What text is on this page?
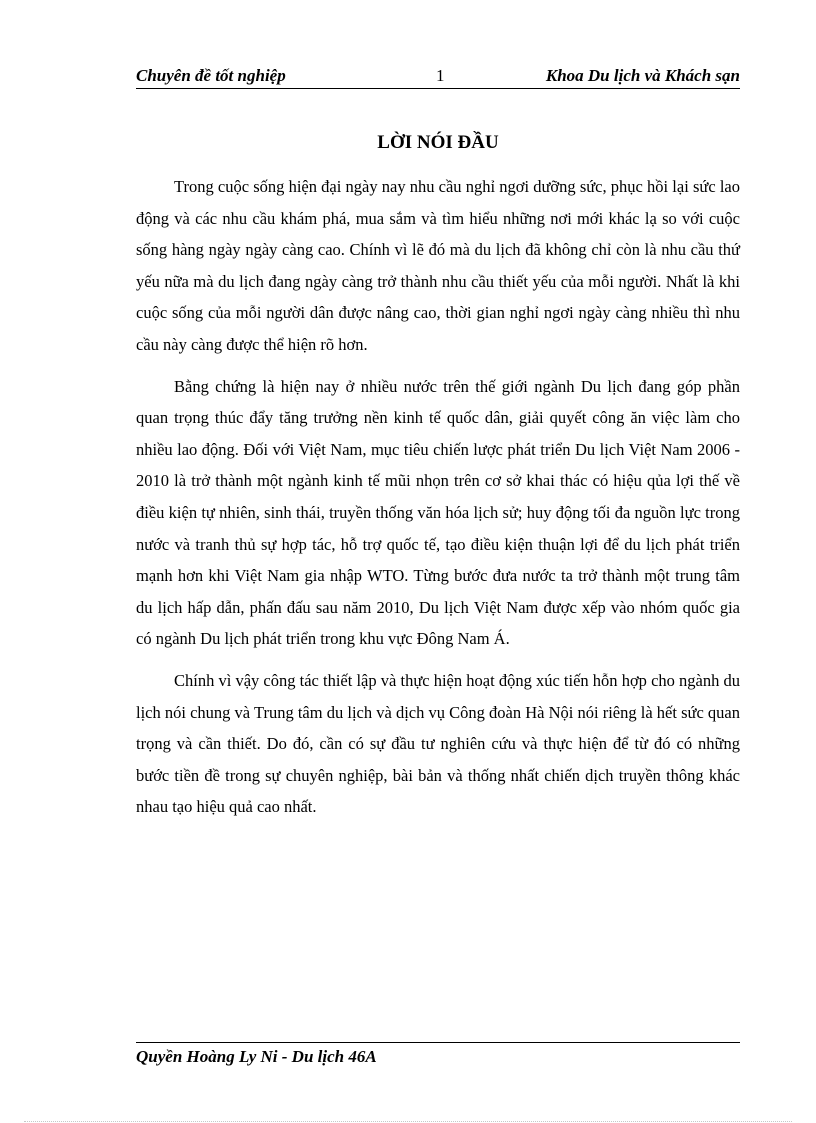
Chuyên đề tốt nghiệp	1	Khoa Du lịch và Khách sạn
LỜI NÓI ĐẦU

Trong cuộc sống hiện đại ngày nay nhu cầu nghỉ ngơi dưỡng sức, phục hồi lại sức lao động và các nhu cầu khám phá, mua sắm và tìm hiểu những nơi mới khác lạ so với cuộc sống hàng ngày ngày càng cao. Chính vì lẽ đó mà du lịch đã không chỉ còn là nhu cầu thứ yếu nữa mà du lịch đang ngày càng trở thành nhu cầu thiết yếu của mỗi người. Nhất là khi cuộc sống của mỗi người dân được nâng cao, thời gian nghỉ ngơi ngày càng nhiều thì nhu cầu này càng được thể hiện rõ hơn.

Bằng chứng là hiện nay ở nhiều nước trên thế giới ngành Du lịch đang góp phần quan trọng thúc đẩy tăng trưởng nền kinh tế quốc dân, giải quyết công ăn việc làm cho nhiều lao động. Đối với Việt Nam, mục tiêu chiến lược phát triển Du lịch Việt Nam 2006 - 2010 là trở thành một ngành kinh tế mũi nhọn trên cơ sở khai thác có hiệu qủa lợi thế về điều kiện tự nhiên, sinh thái, truyền thống văn hóa lịch sử; huy động tối đa nguồn lực trong nước và tranh thủ sự hợp tác, hỗ trợ quốc tế, tạo điều kiện thuận lợi để du lịch phát triển mạnh hơn khi Việt Nam gia nhập WTO. Từng bước đưa nước ta trở thành một trung tâm du lịch hấp dẫn, phấn đấu sau năm 2010, Du lịch Việt Nam được xếp vào nhóm quốc gia có ngành Du lịch phát triển trong khu vực Đông Nam Á.

Chính vì vậy công tác thiết lập và thực hiện hoạt động xúc tiến hỗn hợp cho ngành du lịch nói chung và Trung tâm du lịch và dịch vụ Công đoàn Hà Nội nói riêng là hết sức quan trọng và cần thiết. Do đó, cần có sự đầu tư nghiên cứu và thực hiện để từ đó có những bước tiền đề trong sự chuyên nghiệp, bài bản và thống nhất chiến dịch truyền thông khác nhau tạo hiệu quả cao nhất.

Quyền Hoàng Ly Ni - Du lịch 46A
